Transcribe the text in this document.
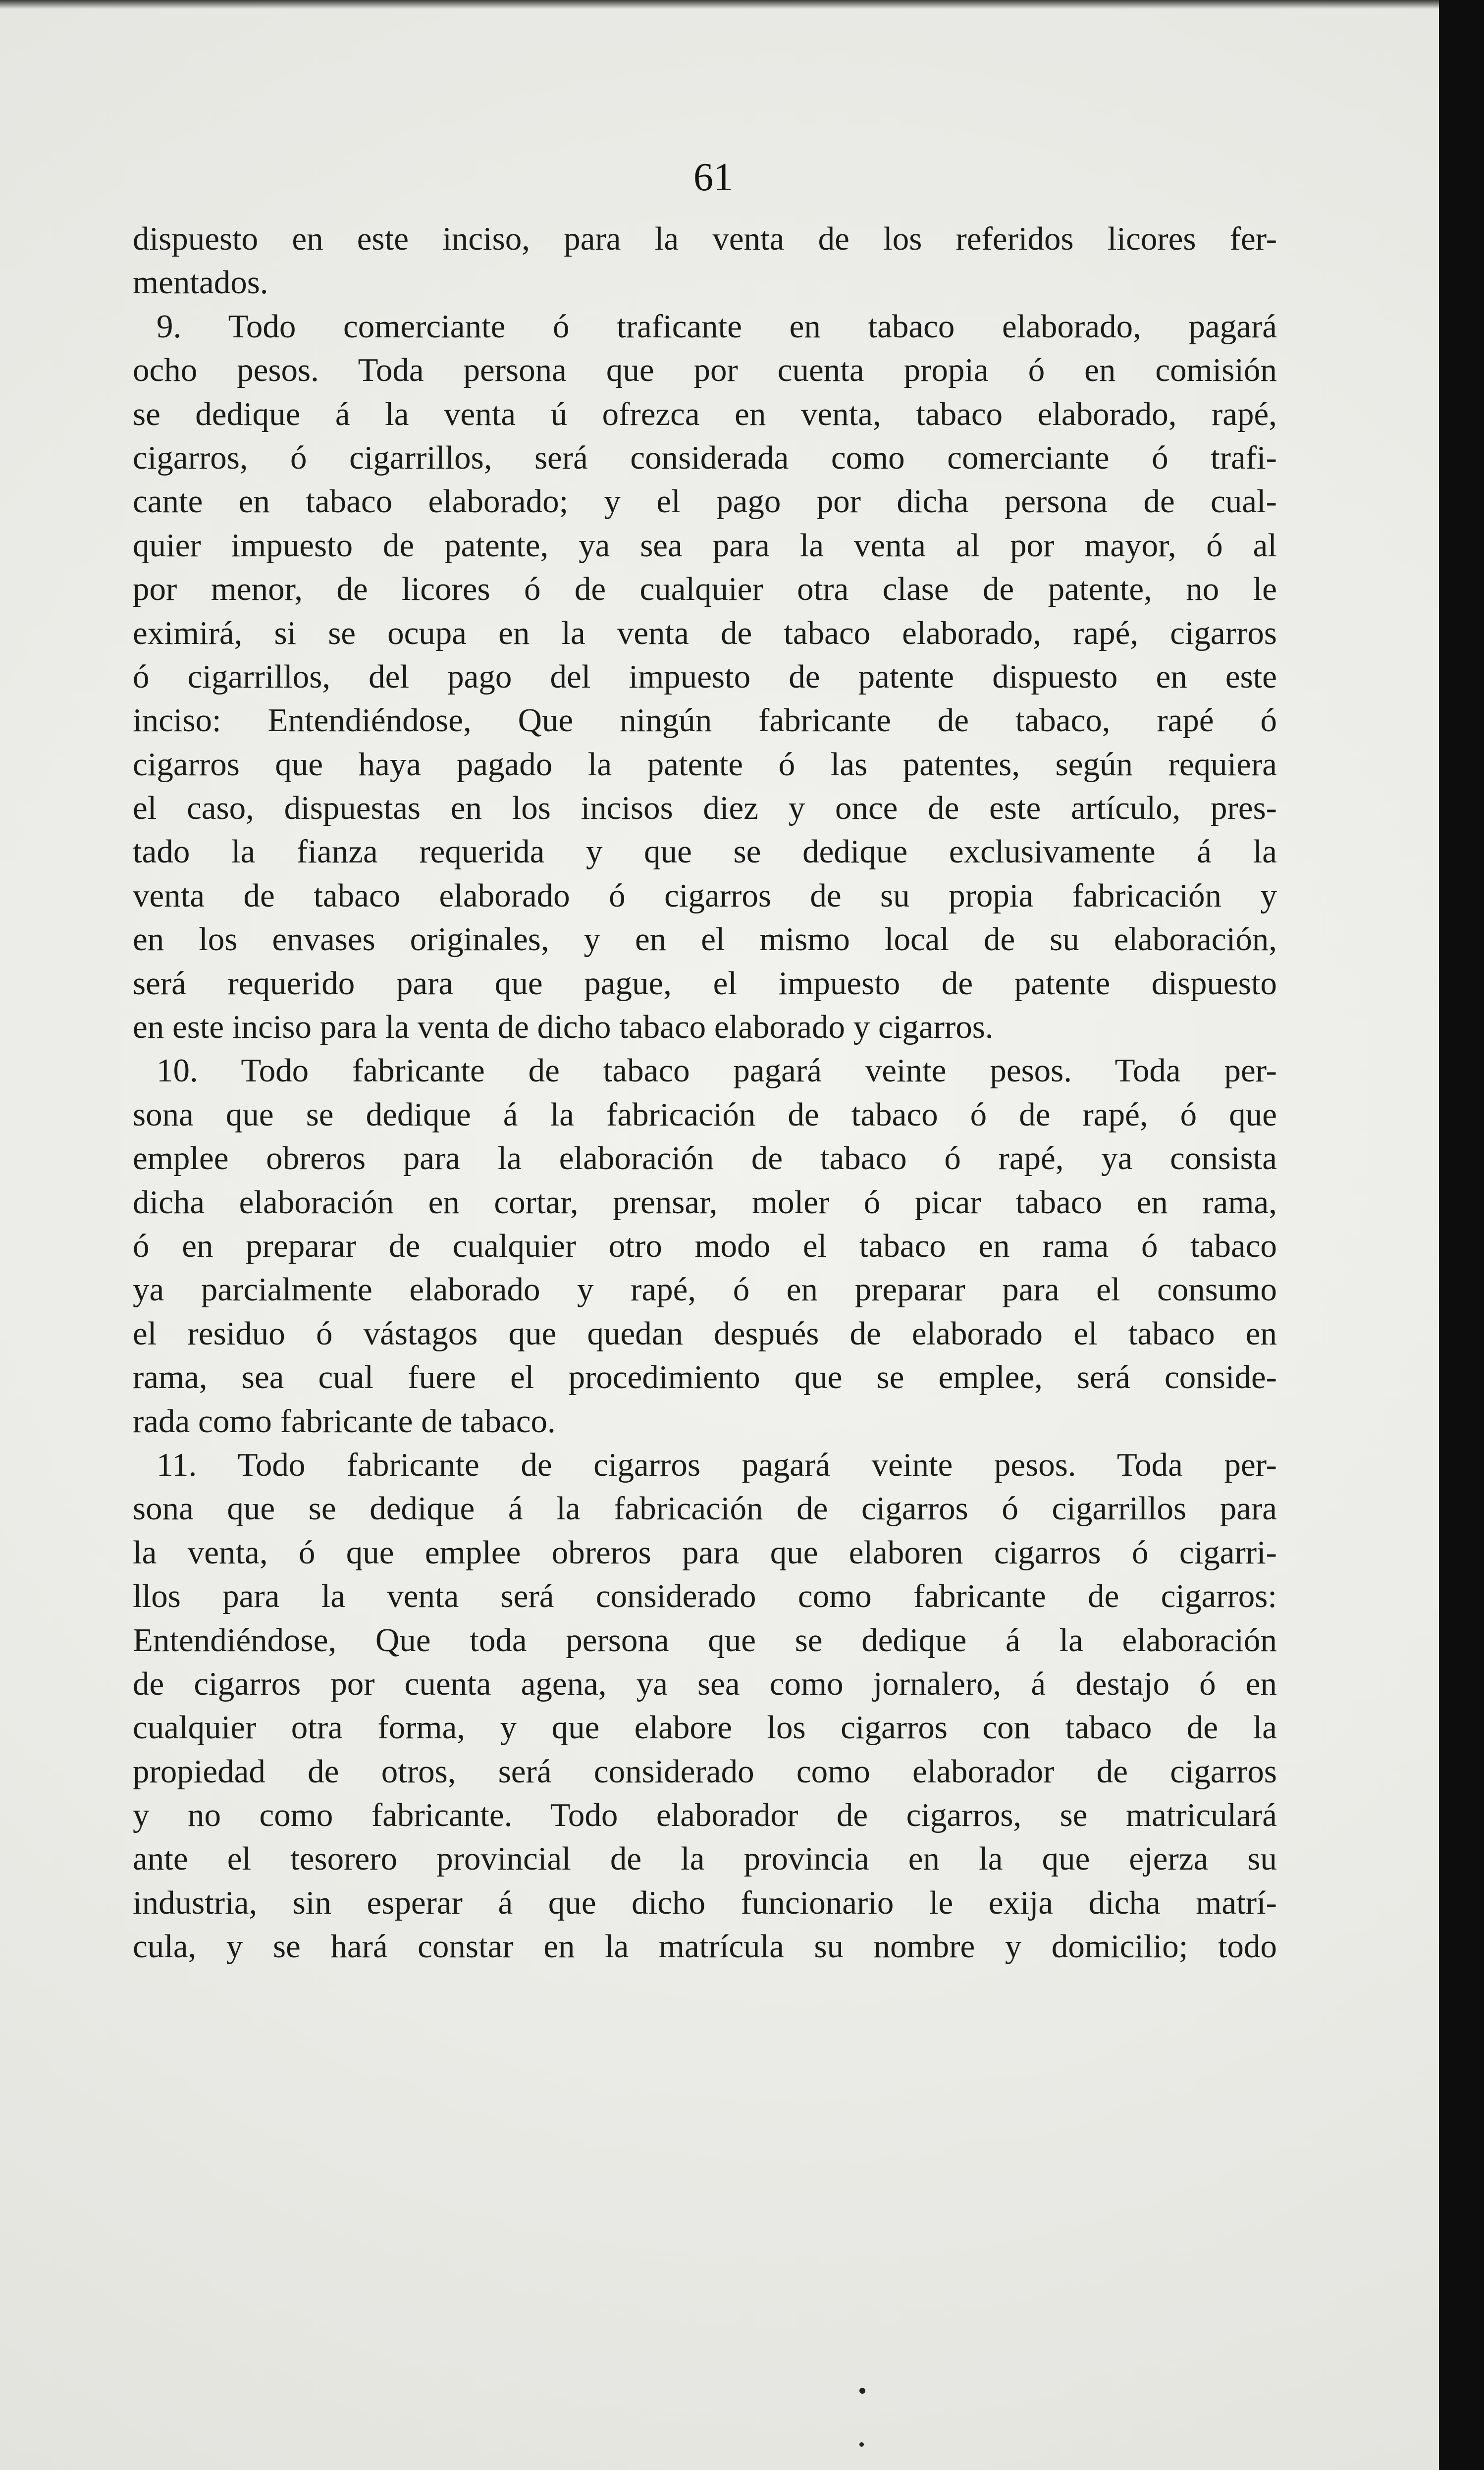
61
dispuesto en este inciso, para la venta de los referidos licores fer-
mentados.
9. Todo comerciante ó traficante en tabaco elaborado, pagará
ocho pesos. Toda persona que por cuenta propia ó en comisión
se dedique á la venta ú ofrezca en venta, tabaco elaborado, rapé,
cigarros, ó cigarrillos, será considerada como comerciante ó trafi-
cante en tabaco elaborado; y el pago por dicha persona de cual-
quier impuesto de patente, ya sea para la venta al por mayor, ó al
por menor, de licores ó de cualquier otra clase de patente, no le
eximirá, si se ocupa en la venta de tabaco elaborado, rapé, cigarros
ó cigarrillos, del pago del impuesto de patente dispuesto en este
inciso: Entendiéndose, Que ningún fabricante de tabaco, rapé ó
cigarros que haya pagado la patente ó las patentes, según requiera
el caso, dispuestas en los incisos diez y once de este artículo, pres-
tado la fianza requerida y que se dedique exclusivamente á la
venta de tabaco elaborado ó cigarros de su propia fabricación y
en los envases originales, y en el mismo local de su elaboración,
será requerido para que pague, el impuesto de patente dispuesto
en este inciso para la venta de dicho tabaco elaborado y cigarros.
10. Todo fabricante de tabaco pagará veinte pesos. Toda per-
sona que se dedique á la fabricación de tabaco ó de rapé, ó que
emplee obreros para la elaboración de tabaco ó rapé, ya consista
dicha elaboración en cortar, prensar, moler ó picar tabaco en rama,
ó en preparar de cualquier otro modo el tabaco en rama ó tabaco
ya parcialmente elaborado y rapé, ó en preparar para el consumo
el residuo ó vástagos que quedan después de elaborado el tabaco en
rama, sea cual fuere el procedimiento que se emplee, será conside-
rada como fabricante de tabaco.
11. Todo fabricante de cigarros pagará veinte pesos. Toda per-
sona que se dedique á la fabricación de cigarros ó cigarrillos para
la venta, ó que emplee obreros para que elaboren cigarros ó cigarri-
llos para la venta será considerado como fabricante de cigarros:
Entendiéndose, Que toda persona que se dedique á la elaboración
de cigarros por cuenta agena, ya sea como jornalero, á destajo ó en
cualquier otra forma, y que elabore los cigarros con tabaco de la
propiedad de otros, será considerado como elaborador de cigarros
y no como fabricante. Todo elaborador de cigarros, se matriculará
ante el tesorero provincial de la provincia en la que ejerza su
industria, sin esperar á que dicho funcionario le exija dicha matrí-
cula, y se hará constar en la matrícula su nombre y domicilio; todo
